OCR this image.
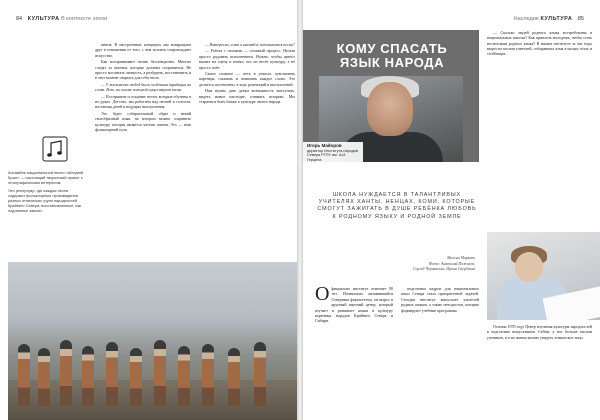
84 КУЛЬТУРА В контексте эпохи

Ансамбль национальной песни «Айтумэй Брал» — настоящий творческий проект с этнографическим интересом.

Это репертуар, где каждая песня содержит фольклорные произведения разных этнических групп народностей Крайнего Севера, восстановленные, как подлинные записи.

менов. В настроенных концертах мы возвращаем друг в отношения от того, с чем человек сопровождает искусство.

Как воспринимают песню бесповоротно. Многие следят за многим, которые должны сохраниться. Не просто воспитать личность, а разбудить, восстановить и в этот момент открыть для себя часть.

— У московских людей была особенная традиция на слова. Вот, на основе которой существуют песни.

— Восприятие и создание песен, которые обучены в их руках. Детство, мы работаем над песней и голосом, наставляя детей и ведущих выступления.

Это будет собирательный образ и некий своеобразный язык, на котором можно сохранить культуру, которая является частью жизни. Это — наш фольклорный путь.

— Интересно, а как в ансамбле исполняются песни?

— Работа с песнями — сложный процесс. Нельзя просто радовать исполнением. Нужно, чтобы артист вышел на сцену и понял, что он несёт культуру, а не просто поёт.

Самое сложное — петь в унисон, чувствовать партнера, слышать и понимать каждое слово. Это делается постепенно, в ходе репетиций и выступлений.

Нам нужно дать детям возможность выступать, видеть живое наследие, узнавать историю. Мы стараемся быть ближе к культуре своего народа.

Наследие КУЛЬТУРА 85
КОМУ СПАСАТЬ ЯЗЫК НАРОДА
Игорь Майоров
директор Института народов Севера РГПУ им. А.И. Герцена
ШКОЛА НУЖДАЕТСЯ В ТАЛАНТЛИВЫХ УЧИТЕЛЯХ ХАНТЫ, НЕНЦАХ, КОМИ, КОТОРЫЕ СМОГУТ ЗАЖИГАТЬ В ДУШЕ РЕБЁНКА ЛЮБОВЬ К РОДНОМУ ЯЗЫКУ И РОДНОЙ ЗЕМЛЕ

Милена Маркова

Фото: Анатолий Пожилов,

Сергей Чернявских, Ирина Свердлова

О фициально институт отмечает 90 лет. Изначально называвшийся Северным факультетом, он вырос в крупный научный центр, который изучает и развивает языки и культуру коренных народов Крайнего Севера и Сибири.

подготовка кадров для национальных школ Севера стала приоритетной задачей. Сегодня институт выпускает учителей родных языков, а также методистов, которые формируют учебные программы.

— Сколько людей родного языка востребованы в национальных школах? Как привлечь молодежь, чтобы стать носителями родного языка? В нашем институте за эти годы выросли тысячи учителей, собиравших язык в малых сёлах и стойбищах.

Основы 1970 году Центр изучения культуры народностей в подготовке выпускников. Сейчас у нас больше тысячи учеников, и в их жизни можно увидеть этническое лицо.
